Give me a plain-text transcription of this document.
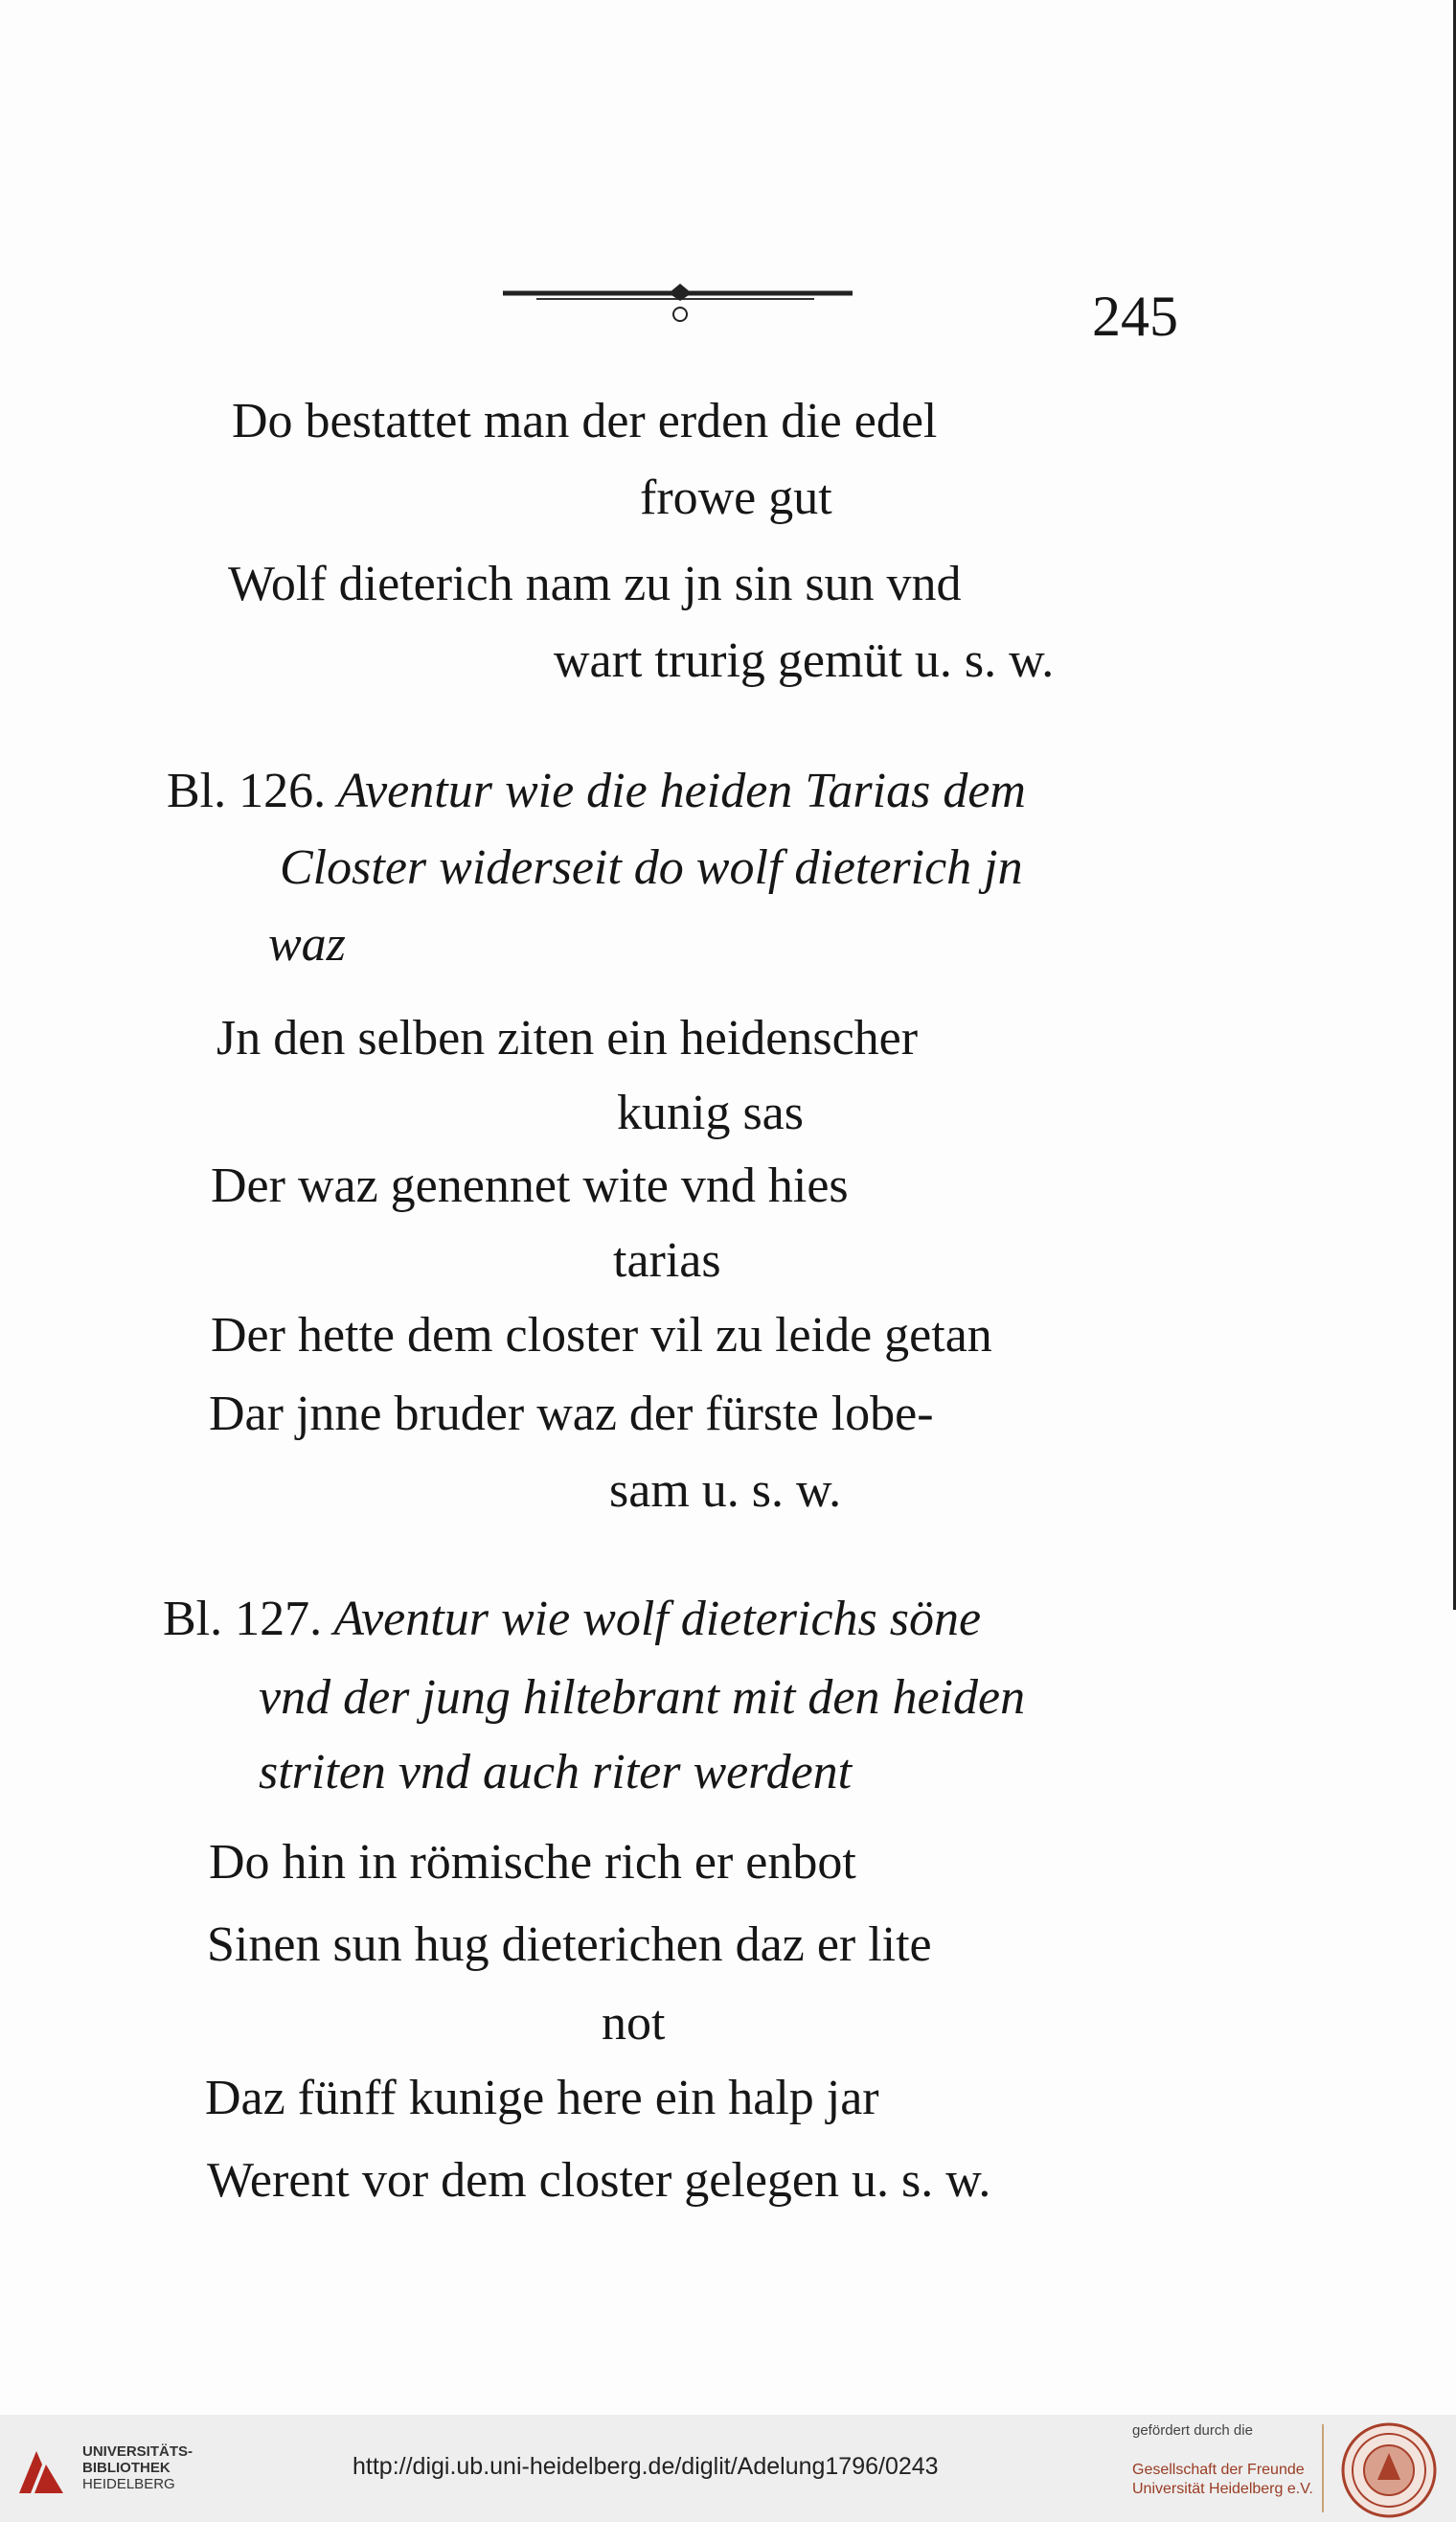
245
Do bestattet man der erden die edel
frowe gut
Wolf dieterich nam zu jn sin sun vnd
wart trurig gemüt u. s. w.
Bl. 126. Aventur wie die heiden Tarias dem
Closter widerseit do wolf dieterich jn
waz
Jn den selben ziten ein heidenscher
kunig sas
Der waz genennet wite vnd hies
tarias
Der hette dem closter vil zu leide getan
Dar jnne bruder waz der fürste lobe-
sam u. s. w.
Bl. 127. Aventur wie wolf dieterichs söne
vnd der jung hiltebrant mit den heiden
striten vnd auch riter werdent
Do hin in römische rich er enbot
Sinen sun hug dieterichen daz er lite
not
Daz fünff kunige here ein halp jar
Werent vor dem closter gelegen u. s. w.
UNIVERSITÄTS-
BIBLIOTHEK
HEIDELBERG
http://digi.ub.uni-heidelberg.de/diglit/Adelung1796/0243
gefördert durch die
Gesellschaft der Freunde
Universität Heidelberg e.V.
